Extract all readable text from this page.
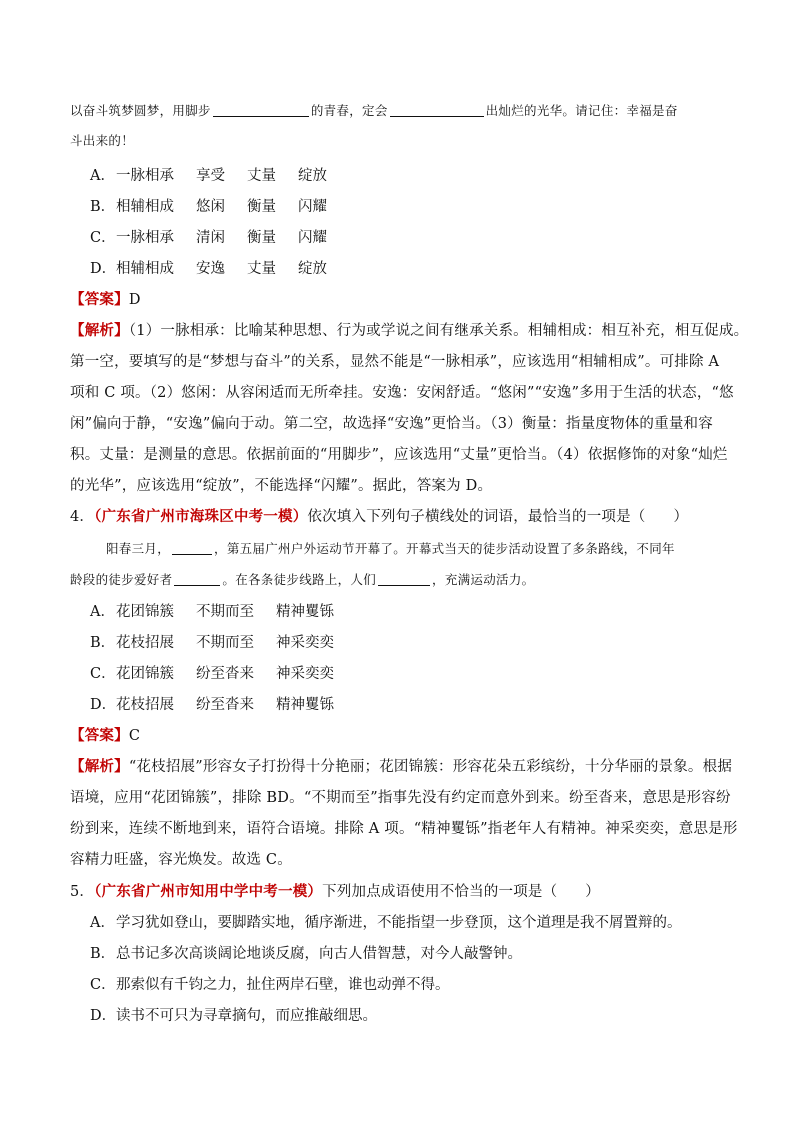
以奋斗筑梦圆梦，用脚步	的青春，定会	出灿烂的光华。请记住：幸福是奋
斗出来的！
A．一脉相承 享受 丈量 绽放
B．相辅相成 悠闲 衡量 闪耀
C．一脉相承 清闲 衡量 闪耀
D．相辅相成 安逸 丈量 绽放
【答案】D
【解析】（1）一脉相承：比喻某种思想、行为或学说之间有继承关系。相辅相成：相互补充，相互促成。
第一空，要填写的是“梦想与奋斗”的关系，显然不能是“一脉相承”，应该选用“相辅相成”。可排除 A
项和 C 项。（2）悠闲：从容闲适而无所牵挂。安逸：安闲舒适。“悠闲”“安逸”多用于生活的状态，“悠
闲”偏向于静，“安逸”偏向于动。第二空，故选择“安逸”更恰当。（3）衡量：指量度物体的重量和容
积。丈量：是测量的意思。依据前面的“用脚步”，应该选用“丈量”更恰当。（4）依据修饰的对象“灿烂
的光华”，应该选用“绽放”，不能选择“闪耀”。据此，答案为 D。
4．（广东省广州市海珠区中考一模）依次填入下列句子横线处的词语，最恰当的一项是（ ）
阳春三月，	，第五届广州户外运动节开幕了。开幕式当天的徒步活动设置了多条路线，不同年
龄段的徒步爱好者	。在各条徒步线路上，人们	，充满运动活力。
A．花团锦簇 不期而至 精神矍铄
B．花枝招展 不期而至 神采奕奕
C．花团锦簇 纷至沓来 神采奕奕
D．花枝招展 纷至沓来 精神矍铄
【答案】C
【解析】“花枝招展”形容女子打扮得十分艳丽；花团锦簇：形容花朵五彩缤纷，十分华丽的景象。根据
语境，应用“花团锦簇”，排除 BD。“不期而至”指事先没有约定而意外到来。纷至沓来，意思是形容纷
纷到来，连续不断地到来，语符合语境。排除 A 项。“精神矍铄”指老年人有精神。神采奕奕，意思是形
容精力旺盛，容光焕发。故选 C。
5．（广东省广州市知用中学中考一模）下列加点成语使用不恰当的一项是（ ）
A．学习犹如登山，要脚踏实地，循序渐进，不能指望一步登顶，这个道理是我不屑置辩的。
B．总书记多次高谈阔论地谈反腐，向古人借智慧，对今人敲警钟。
C．那索似有千钧之力，扯住两岸石壁，谁也动弹不得。
D．读书不可只为寻章摘句，而应推敲细思。
